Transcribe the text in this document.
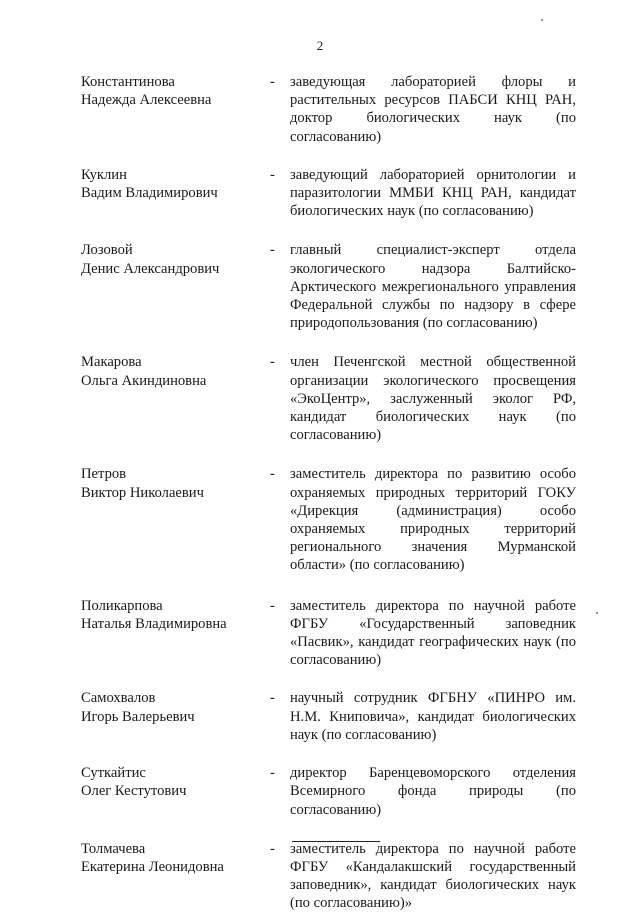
2
Константинова
Надежда Алексеевна
- заведующая лабораторией флоры и растительных ресурсов ПАБСИ КНЦ РАН, доктор биологических наук (по согласованию)
Куклин
Вадим Владимирович
- заведующий лабораторией орнитологии и паразитологии ММБИ КНЦ РАН, кандидат биологических наук (по согласованию)
Лозовой
Денис Александрович
- главный специалист-эксперт отдела экологического надзора Балтийско-Арктического межрегионального управления Федеральной службы по надзору в сфере природопользования (по согласованию)
Макарова
Ольга Акиндиновна
- член Печенгской местной общественной организации экологического просвещения «ЭкоЦентр», заслуженный эколог РФ, кандидат биологических наук (по согласованию)
Петров
Виктор Николаевич
- заместитель директора по развитию особо охраняемых природных территорий ГОКУ «Дирекция (администрация) особо охраняемых природных территорий регионального значения Мурманской области» (по согласованию)
Поликарпова
Наталья Владимировна
- заместитель директора по научной работе ФГБУ «Государственный заповедник «Пасвик», кандидат географических наук (по согласованию)
Самохвалов
Игорь Валерьевич
- научный сотрудник ФГБНУ «ПИНРО им. Н.М. Книповича», кандидат биологических наук (по согласованию)
Суткайтис
Олег Кестутович
- директор Баренцевоморского отделения Всемирного фонда природы (по согласованию)
Толмачева
Екатерина Леонидовна
- заместитель директора по научной работе ФГБУ «Кандалакшский государственный заповедник», кандидат биологических наук (по согласованию)»
